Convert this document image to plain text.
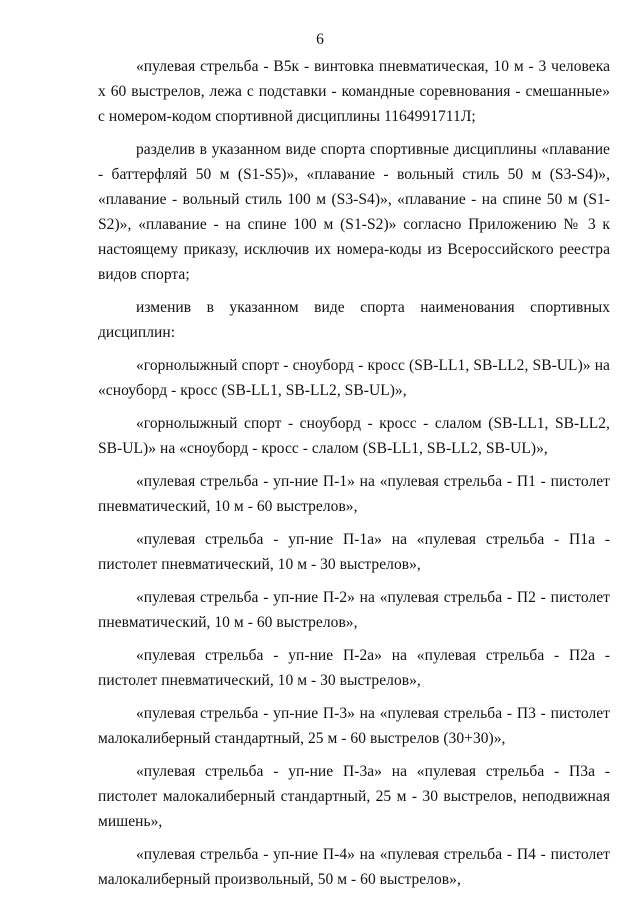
6

«пулевая стрельба - В5к - винтовка пневматическая, 10 м - 3 человека х 60 выстрелов, лежа с подставки - командные соревнования - смешанные» с номером-кодом спортивной дисциплины 1164991711Л;

разделив в указанном виде спорта спортивные дисциплины «плавание - баттерфляй 50 м (S1-S5)», «плавание - вольный стиль 50 м (S3-S4)», «плавание - вольный стиль 100 м (S3-S4)», «плавание - на спине 50 м (S1-S2)», «плавание - на спине 100 м (S1-S2)» согласно Приложению № 3 к настоящему приказу, исключив их номера-коды из Всероссийского реестра видов спорта;

изменив в указанном виде спорта наименования спортивных дисциплин:

«горнолыжный спорт - сноуборд - кросс (SB-LL1, SB-LL2, SB-UL)» на «сноуборд - кросс (SB-LL1, SB-LL2, SB-UL)»,

«горнолыжный спорт - сноуборд - кросс - слалом (SB-LL1, SB-LL2, SB-UL)» на «сноуборд - кросс - слалом (SB-LL1, SB-LL2, SB-UL)»,

«пулевая стрельба - уп-ние П-1» на «пулевая стрельба - П1 - пистолет пневматический, 10 м - 60 выстрелов»,

«пулевая стрельба - уп-ние П-1а» на «пулевая стрельба - П1а - пистолет пневматический, 10 м - 30 выстрелов»,

«пулевая стрельба - уп-ние П-2» на «пулевая стрельба - П2 - пистолет пневматический, 10 м - 60 выстрелов»,

«пулевая стрельба - уп-ние П-2а» на «пулевая стрельба - П2а - пистолет пневматический, 10 м - 30 выстрелов»,

«пулевая стрельба - уп-ние П-3» на «пулевая стрельба - П3 - пистолет малокалиберный стандартный, 25 м - 60 выстрелов (30+30)»,

«пулевая стрельба - уп-ние П-3а» на «пулевая стрельба - П3а - пистолет малокалиберный стандартный, 25 м - 30 выстрелов, неподвижная мишень»,

«пулевая стрельба - уп-ние П-4» на «пулевая стрельба - П4 - пистолет малокалиберный произвольный, 50 м - 60 выстрелов»,
